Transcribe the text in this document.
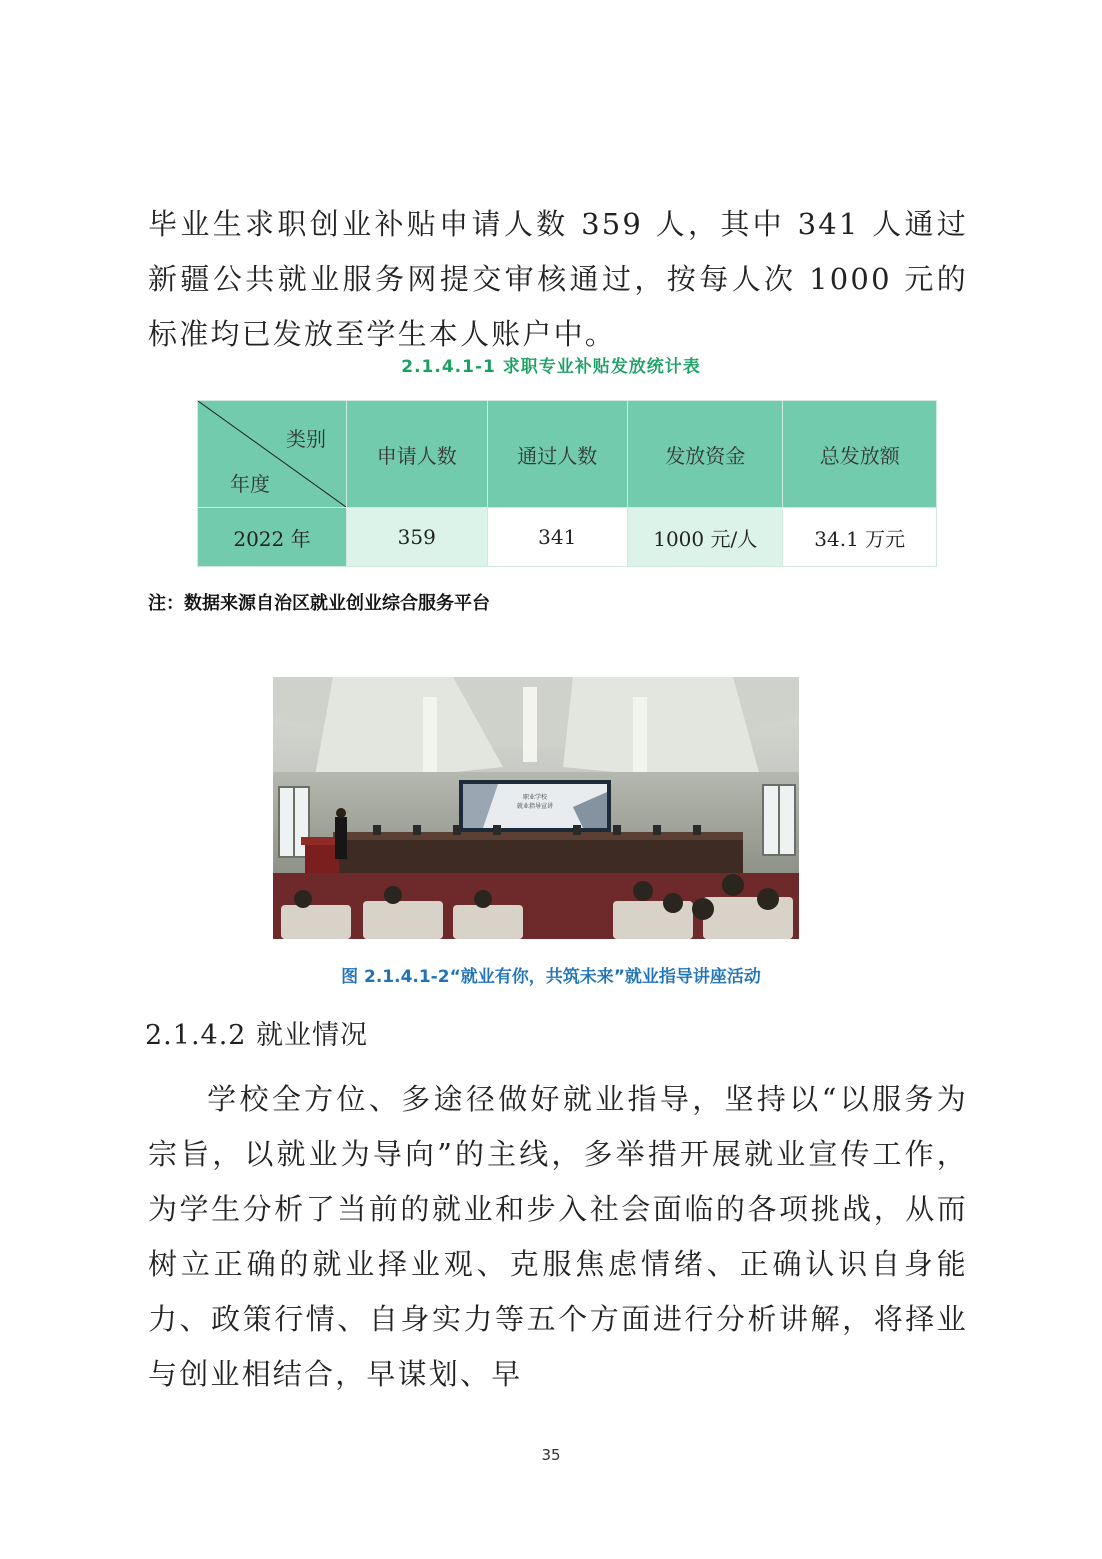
毕业生求职创业补贴申请人数 359 人，其中 341 人通过新疆公共就业服务网提交审核通过，按每人次 1000 元的标准均已发放至学生本人账户中。
2.1.4.1-1 求职专业补贴发放统计表
类别
年度	申请人数	通过人数	发放资金	总发放额
2022 年	359	341	1000 元/人	34.1 万元
注：数据来源自治区就业创业综合服务平台
职业学校
就业指导宣讲
图 2.1.4.1-2“就业有你，共筑未来”就业指导讲座活动
2.1.4.2 就业情况
学校全方位、多途径做好就业指导，坚持以“以服务为宗旨，以就业为导向”的主线，多举措开展就业宣传工作，为学生分析了当前的就业和步入社会面临的各项挑战，从而树立正确的就业择业观、克服焦虑情绪、正确认识自身能力、政策行情、自身实力等五个方面进行分析讲解，将择业与创业相结合，早谋划、早
35
